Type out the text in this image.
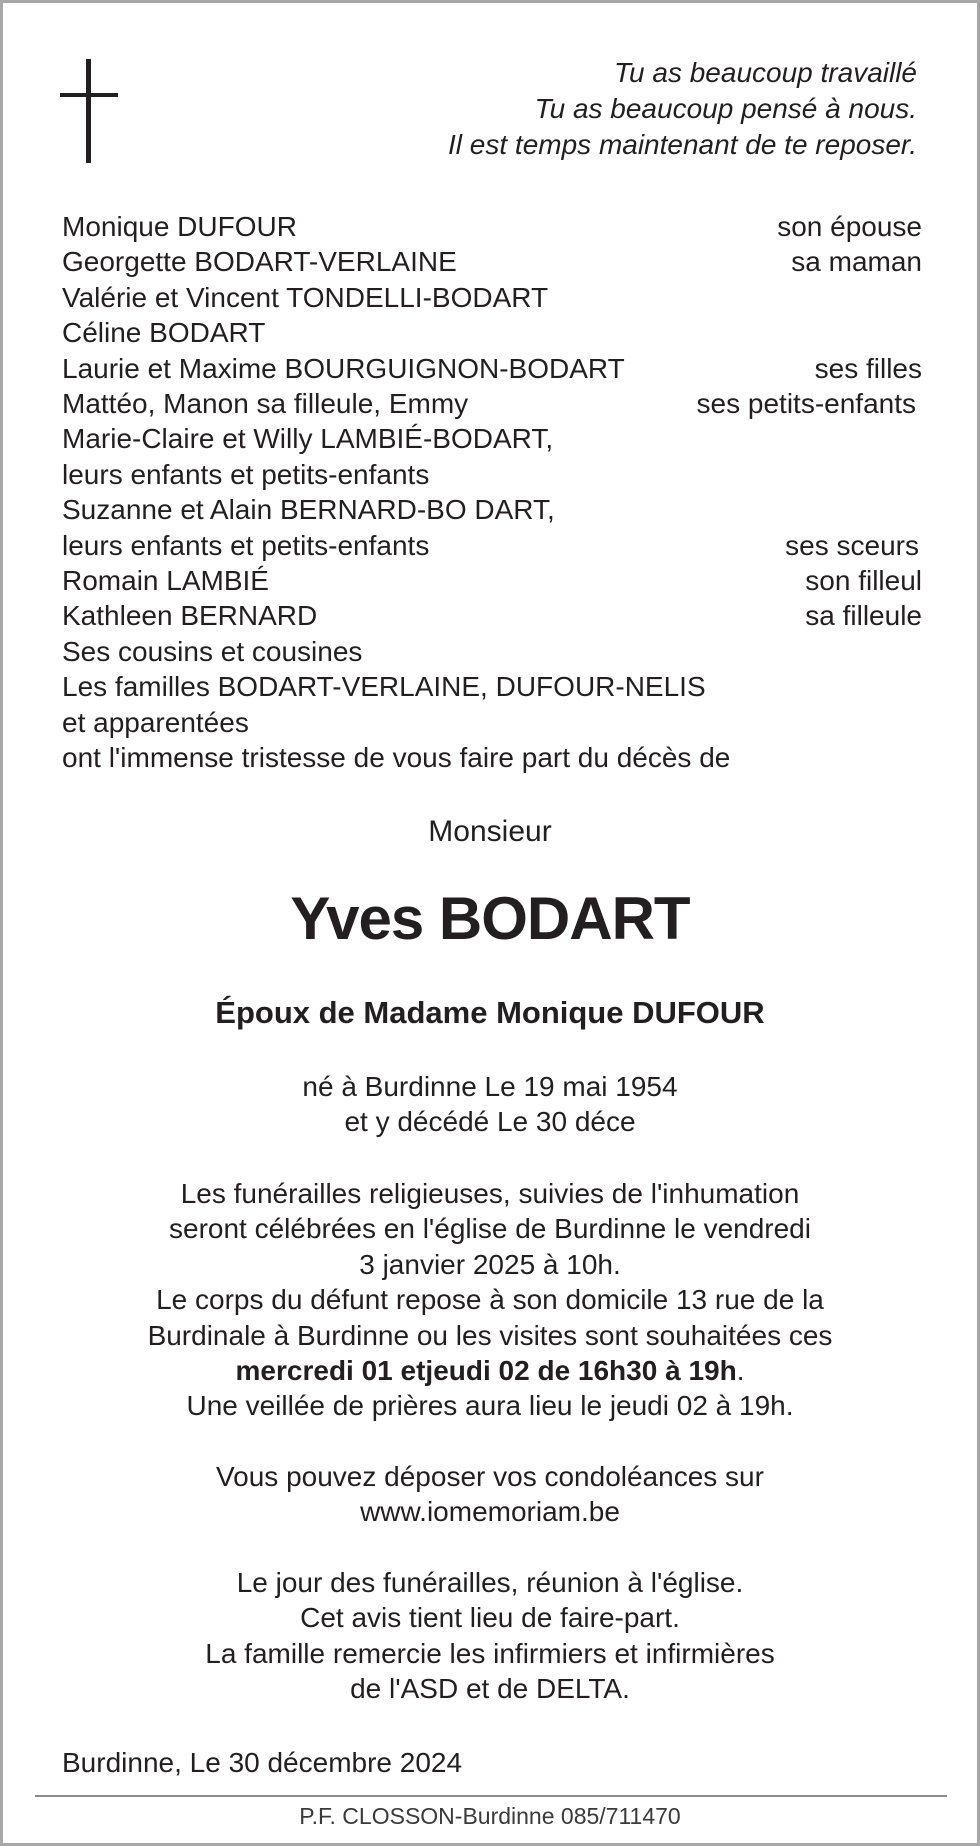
Tu as beaucoup travaillé
Tu as beaucoup pensé à nous.
Il est temps maintenant de te reposer.
Monique DUFOUR	son épouse
Georgette BODART-VERLAINE	sa maman
Valérie et Vincent TONDELLI-BODART
Céline BODART
Laurie et Maxime BOURGUIGNON-BODART	ses filles
Mattéo, Manon sa filleule, Emmy	ses petits-enfants
Marie-Claire et Willy LAMBIÉ-BODART,
leurs enfants et petits-enfants
Suzanne et Alain BERNARD-BO DART,
leurs enfants et petits-enfants	ses sceurs
Romain LAMBIÉ	son filleul
Kathleen BERNARD	sa filleule
Ses cousins et cousines
Les familles BODART-VERLAINE, DUFOUR-NELIS
et apparentées
ont l'immense tristesse de vous faire part du décès de
Monsieur
Yves BODART
Époux de Madame Monique DUFOUR
né à Burdinne Le 19 mai 1954
et y décédé Le 30 déce
Les funérailles religieuses, suivies de l'inhumation
seront célébrées en l'église de Burdinne le vendredi
3 janvier 2025 à 10h.
Le corps du défunt repose à son domicile 13 rue de la
Burdinale à Burdinne ou les visites sont souhaitées ces
mercredi 01 etjeudi 02 de 16h30 à 19h.
Une veillée de prières aura lieu le jeudi 02 à 19h.
Vous pouvez déposer vos condoléances sur
www.iomemoriam.be
Le jour des funérailles, réunion à l'église.
Cet avis tient lieu de faire-part.
La famille remercie les infirmiers et infirmières
de l'ASD et de DELTA.
Burdinne, Le 30 décembre 2024
P.F. CLOSSON-Burdinne 085/711470
